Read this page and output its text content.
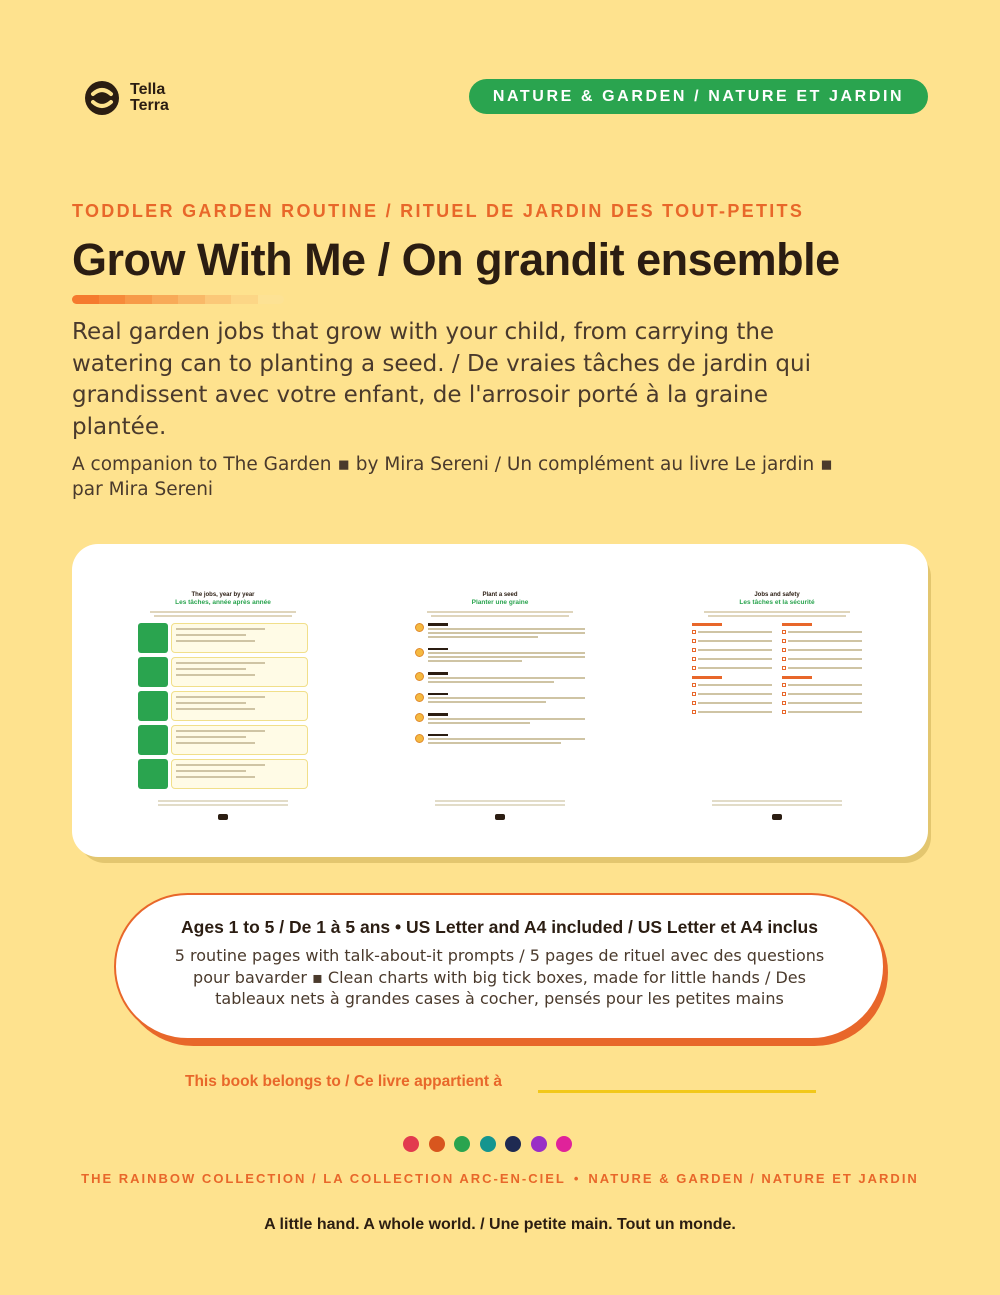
Tella
Terra
NATURE & GARDEN / NATURE ET JARDIN
TODDLER GARDEN ROUTINE / RITUEL DE JARDIN DES TOUT-PETITS
Grow With Me / On grandit ensemble

Real garden jobs that grow with your child, from carrying the watering can to planting a seed. / De vraies tâches de jardin qui grandissent avec votre enfant, de l'arrosoir porté à la graine plantée.

A companion to The Garden ▪ by Mira Sereni / Un complément au livre Le jardin ▪ par Mira Sereni

The jobs, year by year
Les tâches, année après année
Plant a seed
Planter une graine
Jobs and safety
Les tâches et la sécurité
Ages 1 to 5 / De 1 à 5 ans • US Letter and A4 included / US Letter et A4 inclus
5 routine pages with talk-about-it prompts / 5 pages de rituel avec des questions pour bavarder ▪ Clean charts with big tick boxes, made for little hands / Des tableaux nets à grandes cases à cocher, pensés pour les petites mains
This book belongs to / Ce livre appartient à
THE RAINBOW COLLECTION / LA COLLECTION ARC-EN-CIEL • NATURE & GARDEN / NATURE ET JARDIN
A little hand. A whole world. / Une petite main. Tout un monde.
